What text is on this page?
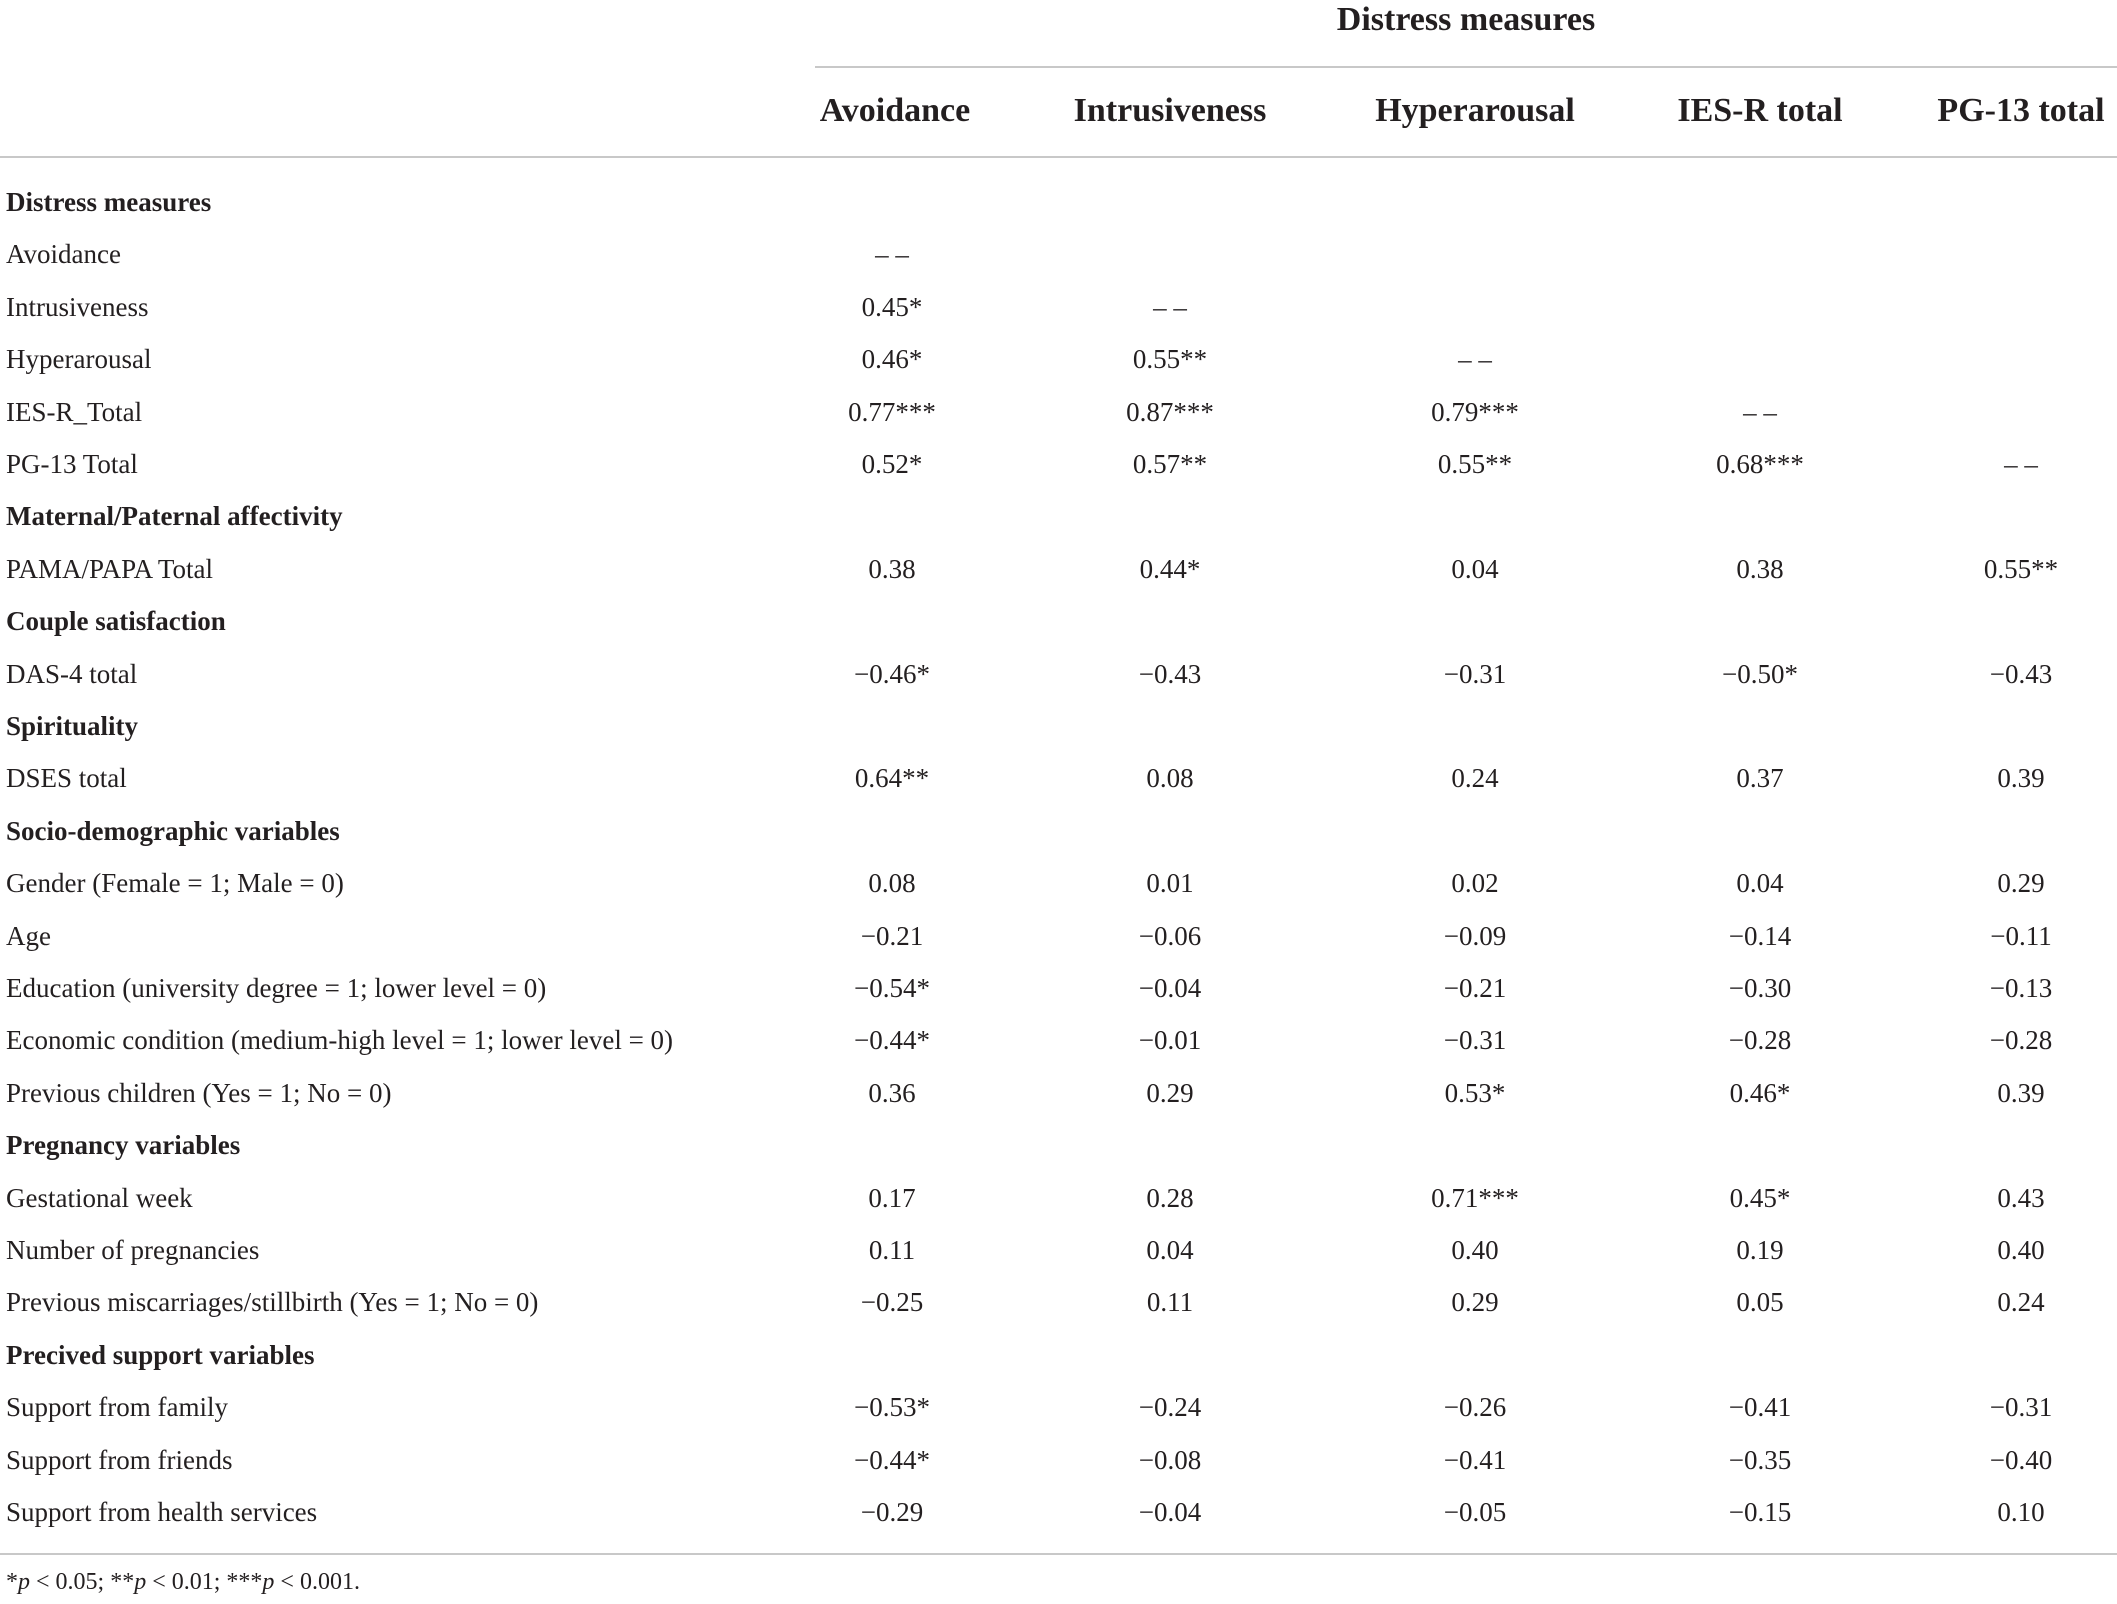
Distress measures
Avoidance	Intrusiveness	Hyperarousal	IES-R total	PG-13 total
Distress measures
Avoidance	– –
Intrusiveness	0.45*	– –
Hyperarousal	0.46*	0.55**	– –
IES-R_Total	0.77***	0.87***	0.79***	– –
PG-13 Total	0.52*	0.57**	0.55**	0.68***	– –
Maternal/Paternal affectivity
PAMA/PAPA Total	0.38	0.44*	0.04	0.38	0.55**
Couple satisfaction
DAS-4 total	−0.46*	−0.43	−0.31	−0.50*	−0.43
Spirituality
DSES total	0.64**	0.08	0.24	0.37	0.39
Socio-demographic variables
Gender (Female = 1; Male = 0)	0.08	0.01	0.02	0.04	0.29
Age	−0.21	−0.06	−0.09	−0.14	−0.11
Education (university degree = 1; lower level = 0)	−0.54*	−0.04	−0.21	−0.30	−0.13
Economic condition (medium-high level = 1; lower level = 0)	−0.44*	−0.01	−0.31	−0.28	−0.28
Previous children (Yes = 1; No = 0)	0.36	0.29	0.53*	0.46*	0.39
Pregnancy variables
Gestational week	0.17	0.28	0.71***	0.45*	0.43
Number of pregnancies	0.11	0.04	0.40	0.19	0.40
Previous miscarriages/stillbirth (Yes = 1; No = 0)	−0.25	0.11	0.29	0.05	0.24
Precived support variables
Support from family	−0.53*	−0.24	−0.26	−0.41	−0.31
Support from friends	−0.44*	−0.08	−0.41	−0.35	−0.40
Support from health services	−0.29	−0.04	−0.05	−0.15	0.10
*p < 0.05; **p < 0.01; ***p < 0.001.
